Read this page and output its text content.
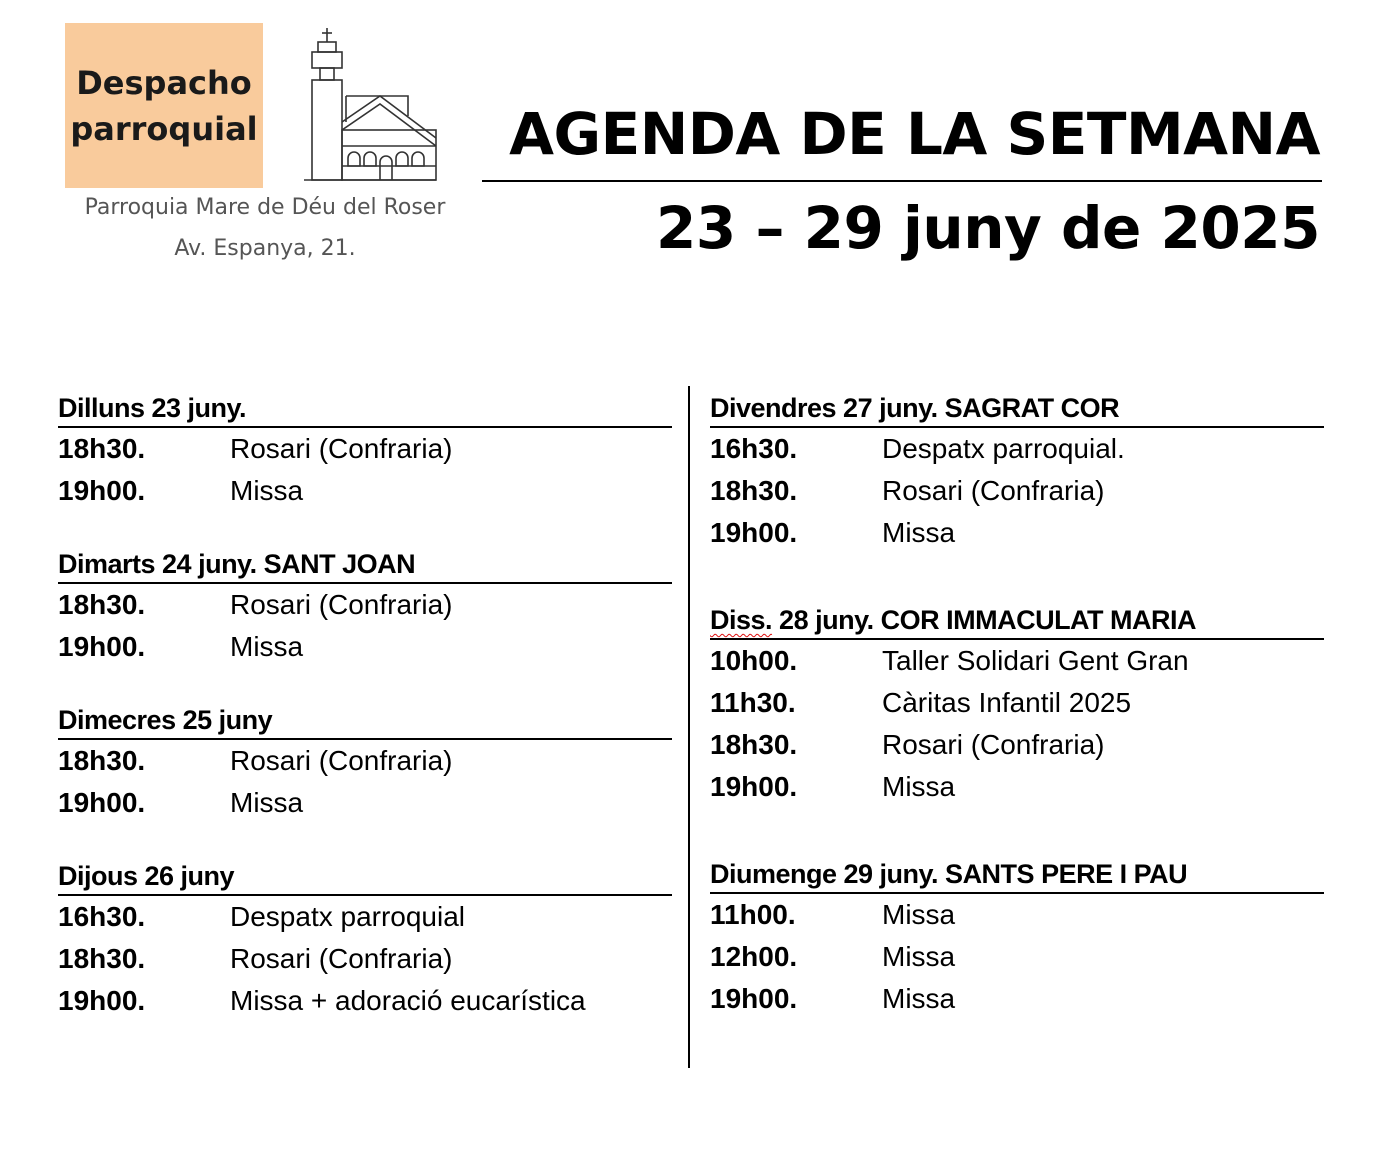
Despacho
parroquial
Parroquia Mare de Déu del Roser
Av. Espanya, 21.
AGENDA DE LA SETMANA
23 – 29 juny de 2025
Dilluns 23 juny.
18h30.	Rosari (Confraria)
19h00.	Missa
Dimarts 24 juny. SANT JOAN
18h30.	Rosari (Confraria)
19h00.	Missa
Dimecres 25 juny
18h30.	Rosari (Confraria)
19h00.	Missa
Dijous 26 juny
16h30.	Despatx parroquial
18h30.	Rosari (Confraria)
19h00.	Missa + adoració eucarística
Divendres 27 juny. SAGRAT COR
16h30.	Despatx parroquial.
18h30.	Rosari (Confraria)
19h00.	Missa
Diss. 28 juny. COR IMMACULAT MARIA
10h00.	Taller Solidari Gent Gran
11h30.	Càritas Infantil 2025
18h30.	Rosari (Confraria)
19h00.	Missa
Diumenge 29 juny. SANTS PERE I PAU
11h00.	Missa
12h00.	Missa
19h00.	Missa
